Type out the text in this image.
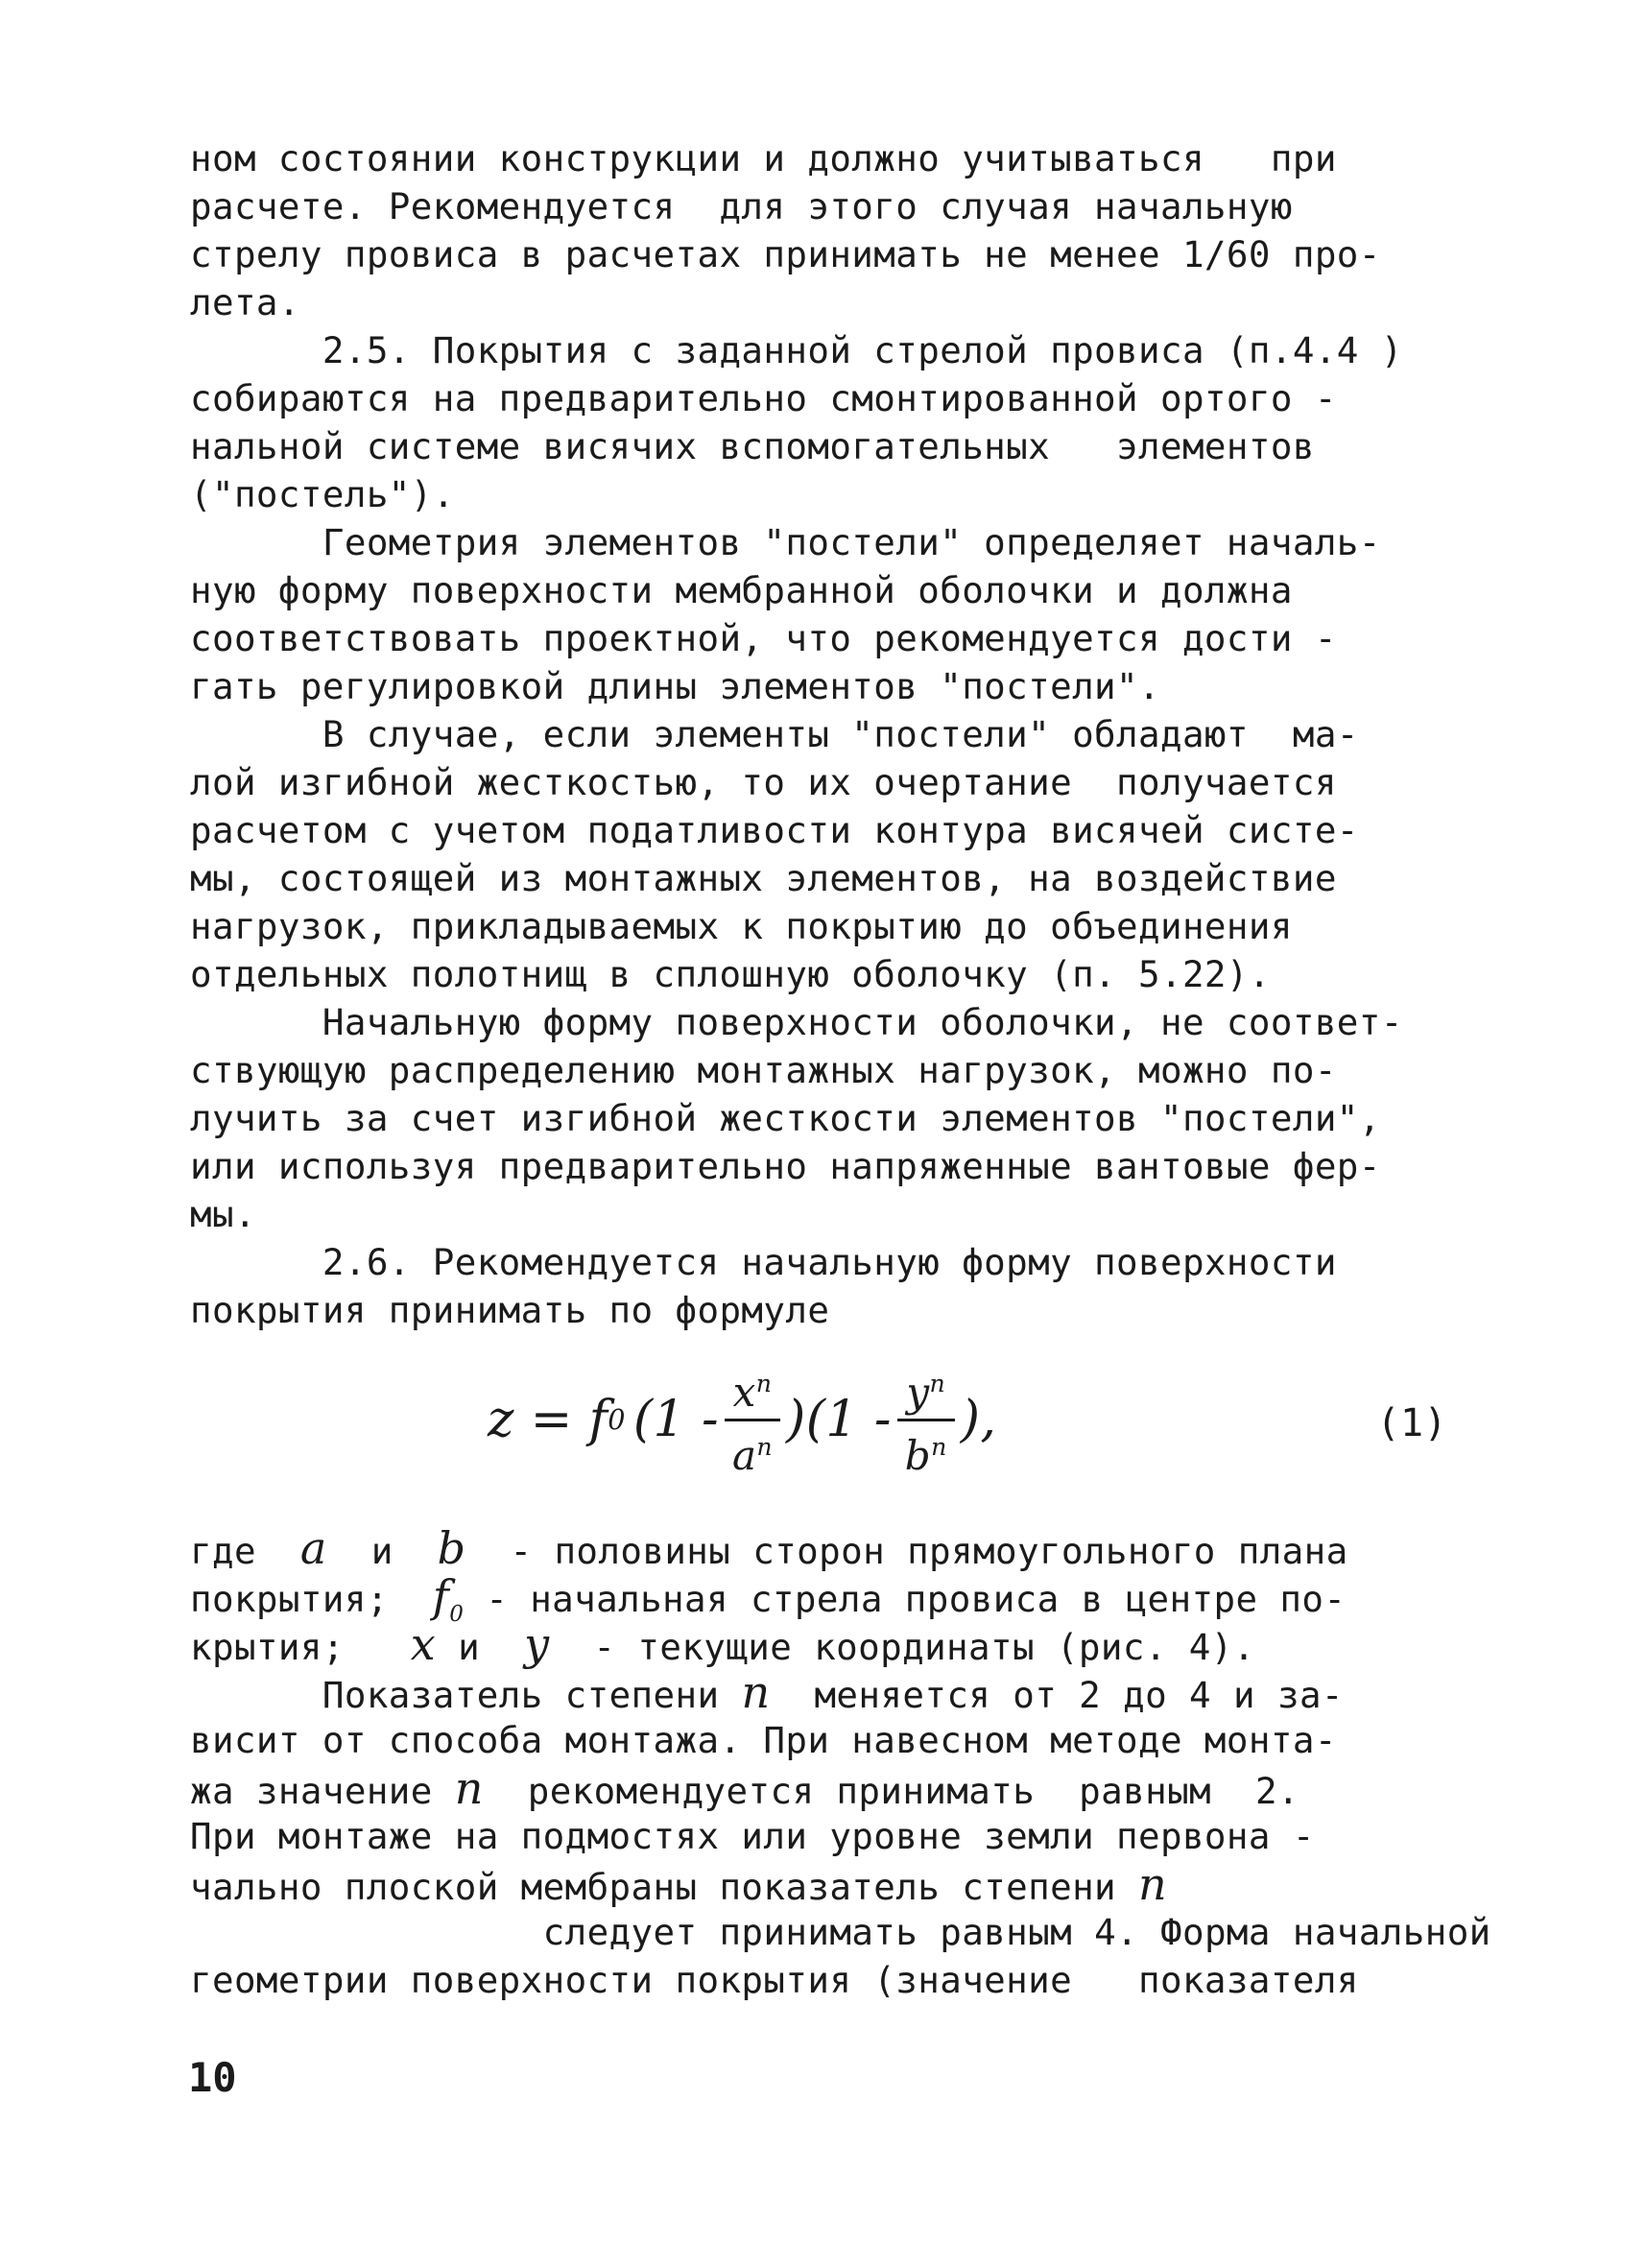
ном состоянии конструкции и должно учитываться   при
расчете. Рекомендуется  для этого случая начальную
стрелу провиса в расчетах принимать не менее 1/60 про-
лета.
2.5. Покрытия с заданной стрелой провиса (п.4.4 )
собираются на предварительно смонтированной ортого -
нальной системе висячих вспомогательных   элементов
("постель").
Геометрия элементов "постели" определяет началь-
ную форму поверхности мембранной оболочки и должна
соответствовать проектной, что рекомендуется дости -
гать регулировкой длины элементов "постели".
В случае, если элементы "постели" обладают  ма-
лой изгибной жесткостью, то их очертание  получается
расчетом с учетом податливости контура висячей систе-
мы, состоящей из монтажных элементов, на воздействие
нагрузок, прикладываемых к покрытию до объединения
отдельных полотнищ в сплошную оболочку (п. 5.22).
Начальную форму поверхности оболочки, не соответ-
ствующую распределению монтажных нагрузок, можно по-
лучить за счет изгибной жесткости элементов "постели",
или используя предварительно напряженные вантовые фер-
мы.
2.6. Рекомендуется начальную форму поверхности
покрытия принимать по формуле
z = f 0 $(1 - \frac{x^n}{a^n} )(1 - \frac{y^n}{b^n}$ ),	(1)
где a и b - половины сторон прямоугольного плана
покрытия; $f_0$ - начальная стрела провиса в центре по-
крытия; x и y - текущие координаты (рис. 4).
Показатель степени n меняется от 2 до 4 и за-
висит от способа монтажа. При навесном методе монта-
жа значение n рекомендуется принимать  равным  2.
При монтаже на подмостях или уровне земли первона -
чально плоской мембраны показатель степени n
следует принимать равным 4. Форма начальной
геометрии поверхности покрытия (значение   показателя
10
